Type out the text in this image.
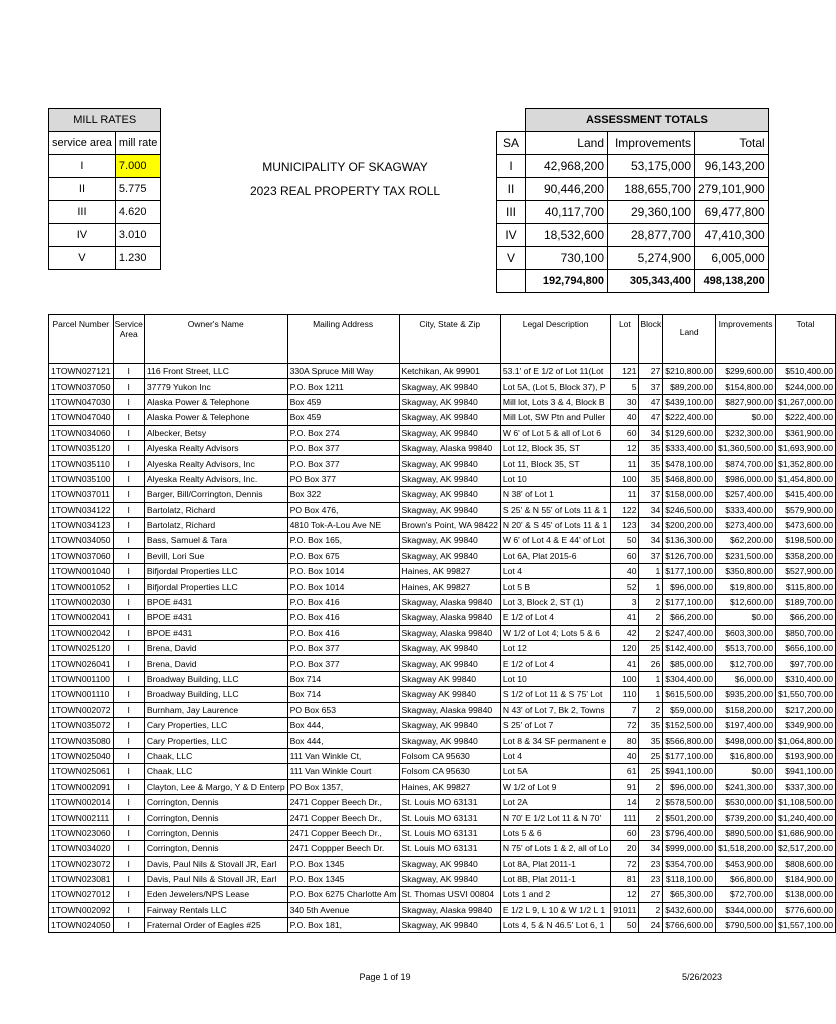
MILL RATES	
service area	mill rate
I	7.000
II	5.775
III	4.620
IV	3.010
V	1.230
MUNICIPALITY OF SKAGWAY
2023 REAL PROPERTY TAX ROLL
	ASSESSMENT TOTALS		
SA	Land	Improvements	Total
I	42,968,200	53,175,000	96,143,200
II	90,446,200	188,655,700	279,101,900
III	40,117,700	29,360,100	69,477,800
IV	18,532,600	28,877,700	47,410,300
V	730,100	5,274,900	6,005,000
	192,794,800	305,343,400	498,138,200
Parcel Number	Service Area	Owner's Name	Mailing Address	City, State & Zip	Legal Description	Lot	Block	Land	Improvements	Total
1TOWN027121	I	116 Front Street, LLC	330A Spruce Mill Way	Ketchikan, Ak 99901	53.1' of E 1/2 of Lot 11(Lot	121	27	$210,800.00	$299,600.00	$510,400.00
1TOWN037050	I	37779 Yukon Inc	P.O. Box 1211	Skagway, AK 99840	Lot 5A, (Lot 5, Block 37), P	5	37	$89,200.00	$154,800.00	$244,000.00
1TOWN047030	I	Alaska Power & Telephone	Box 459	Skagway, AK 99840	Mill lot, Lots 3 & 4, Block B	30	47	$439,100.00	$827,900.00	$1,267,000.00
1TOWN047040	I	Alaska Power & Telephone	Box 459	Skagway, AK 99840	Mill Lot, SW Ptn and Puller	40	47	$222,400.00	$0.00	$222,400.00
1TOWN034060	I	Albecker, Betsy	P.O. Box 274	Skagway, AK 99840	W 6' of Lot 5 & all of Lot 6	60	34	$129,600.00	$232,300.00	$361,900.00
1TOWN035120	I	Alyeska Realty Advisors	P.O. Box 377	Skagway, Alaska 99840	Lot 12, Block 35, ST	12	35	$333,400.00	$1,360,500.00	$1,693,900.00
1TOWN035110	I	Alyeska Realty Advisors, Inc	P.O. Box 377	Skagway, AK 99840	Lot 11, Block 35, ST	11	35	$478,100.00	$874,700.00	$1,352,800.00
1TOWN035100	I	Alyeska Realty Advisors, Inc.	PO Box 377	Skagway, AK 99840	Lot 10	100	35	$468,800.00	$986,000.00	$1,454,800.00
1TOWN037011	I	Barger, Bill/Corrington, Dennis	Box 322	Skagway, AK 99840	N 38' of Lot 1	11	37	$158,000.00	$257,400.00	$415,400.00
1TOWN034122	I	Bartolatz, Richard	PO Box 476,	Skagway, AK 99840	S 25' & N 55' of Lots 11 & 1	122	34	$246,500.00	$333,400.00	$579,900.00
1TOWN034123	I	Bartolatz, Richard	4810 Tok-A-Lou Ave NE	Brown's Point, WA 98422	N 20' & S 45' of Lots 11 & 1	123	34	$200,200.00	$273,400.00	$473,600.00
1TOWN034050	I	Bass, Samuel & Tara	P.O. Box 165,	Skagway, AK 99840	W 6' of Lot 4 & E 44' of Lot	50	34	$136,300.00	$62,200.00	$198,500.00
1TOWN037060	I	Bevill, Lori Sue	P.O. Box 675	Skagway, AK 99840	Lot 6A, Plat 2015-6	60	37	$126,700.00	$231,500.00	$358,200.00
1TOWN001040	I	Bifjordal Properties LLC	P.O. Box 1014	Haines, AK 99827	Lot 4	40	1	$177,100.00	$350,800.00	$527,900.00
1TOWN001052	I	Bifjordal Properties LLC	P.O. Box 1014	Haines, AK 99827	Lot 5 B	52	1	$96,000.00	$19,800.00	$115,800.00
1TOWN002030	I	BPOE #431	P.O. Box 416	Skagway, Alaska 99840	Lot 3, Block 2, ST (1)	3	2	$177,100.00	$12,600.00	$189,700.00
1TOWN002041	I	BPOE #431	P.O. Box 416	Skagway, Alaska 99840	E 1/2 of Lot 4	41	2	$66,200.00	$0.00	$66,200.00
1TOWN002042	I	BPOE #431	P.O. Box 416	Skagway, Alaska 99840	W 1/2 of Lot 4; Lots 5 & 6	42	2	$247,400.00	$603,300.00	$850,700.00
1TOWN025120	I	Brena, David	P.O. Box 377	Skagway, AK 99840	Lot 12	120	25	$142,400.00	$513,700.00	$656,100.00
1TOWN026041	I	Brena, David	P.O. Box 377	Skagway, AK 99840	E 1/2 of Lot 4	41	26	$85,000.00	$12,700.00	$97,700.00
1TOWN001100	I	Broadway Building, LLC	Box 714	Skagway AK 99840	Lot 10	100	1	$304,400.00	$6,000.00	$310,400.00
1TOWN001110	I	Broadway Building, LLC	Box 714	Skagway AK 99840	S 1/2 of Lot 11 & S 75' Lot	110	1	$615,500.00	$935,200.00	$1,550,700.00
1TOWN002072	I	Burnham, Jay Laurence	PO Box 653	Skagway, Alaska 99840	N 43' of Lot 7, Bk 2, Towns	7	2	$59,000.00	$158,200.00	$217,200.00
1TOWN035072	I	Cary Properties, LLC	Box 444,	Skagway, AK 99840	S 25' of Lot 7	72	35	$152,500.00	$197,400.00	$349,900.00
1TOWN035080	I	Cary Properties, LLC	Box 444,	Skagway, AK 99840	Lot 8 & 34 SF permanent e	80	35	$566,800.00	$498,000.00	$1,064,800.00
1TOWN025040	I	Chaak, LLC	111 Van Winkle Ct,	Folsom CA 95630	Lot 4	40	25	$177,100.00	$16,800.00	$193,900.00
1TOWN025061	I	Chaak, LLC	111 Van Winkle Court	Folsom CA 95630	Lot 5A	61	25	$941,100.00	$0.00	$941,100.00
1TOWN002091	I	Clayton, Lee & Margo, Y & D Enterp	PO Box 1357,	Haines, AK 99827	W 1/2 of Lot 9	91	2	$96,000.00	$241,300.00	$337,300.00
1TOWN002014	I	Corrington, Dennis	2471 Copper Beech Dr.,	St. Louis MO 63131	Lot 2A	14	2	$578,500.00	$530,000.00	$1,108,500.00
1TOWN002111	I	Corrington, Dennis	2471 Copper Beech Dr.,	St. Louis MO 63131	N 70' E 1/2 Lot 11 & N 70'	111	2	$501,200.00	$739,200.00	$1,240,400.00
1TOWN023060	I	Corrington, Dennis	2471 Copper Beech Dr.,	St. Louis MO 63131	Lots 5 & 6	60	23	$796,400.00	$890,500.00	$1,686,900.00
1TOWN034020	I	Corrington, Dennis	2471 Coppper Beech Dr.	St. Louis MO 63131	N 75' of Lots 1 & 2, all of Lo	20	34	$999,000.00	$1,518,200.00	$2,517,200.00
1TOWN023072	I	Davis, Paul Nils & Stovall JR, Earl	P.O. Box 1345	Skagway, AK 99840	Lot 8A, Plat 2011-1	72	23	$354,700.00	$453,900.00	$808,600.00
1TOWN023081	I	Davis, Paul Nils & Stovall JR, Earl	P.O. Box 1345	Skagway, AK 99840	Lot 8B, Plat 2011-1	81	23	$118,100.00	$66,800.00	$184,900.00
1TOWN027012	I	Eden Jewelers/NPS Lease	P.O. Box 6275 Charlotte Am	St. Thomas USVI 00804	Lots 1 and 2	12	27	$65,300.00	$72,700.00	$138,000.00
1TOWN002092	I	Fairway Rentals LLC	340 5th Avenue	Skagway, Alaska 99840	E 1/2 L 9, L 10 & W 1/2 L 1	91011	2	$432,600.00	$344,000.00	$776,600.00
1TOWN024050	I	Fraternal Order of Eagles #25	P.O. Box 181,	Skagway, AK 99840	Lots 4, 5 & N 46.5' Lot 6, 1	50	24	$766,600.00	$790,500.00	$1,557,100.00
Page 1 of 19	5/26/2023
